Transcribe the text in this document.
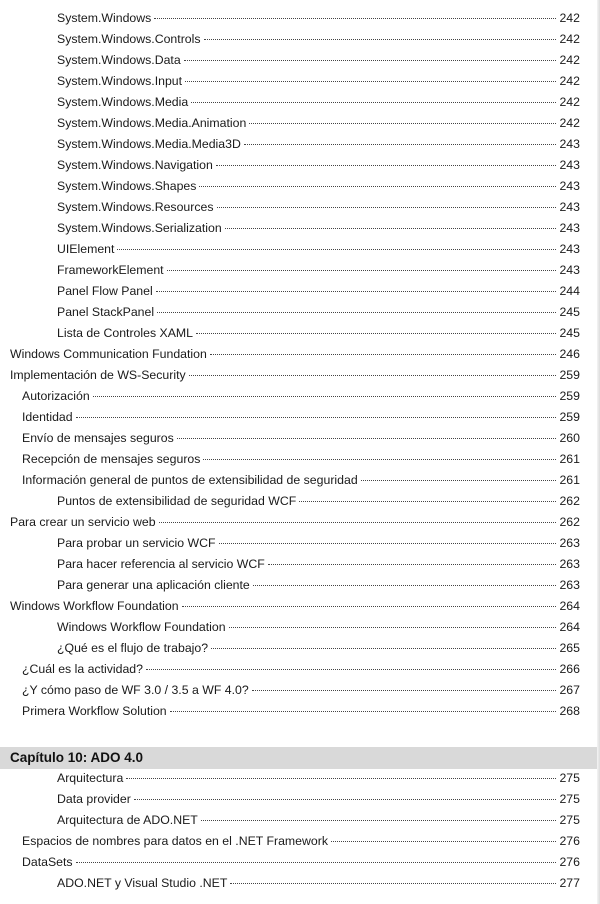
System.Windows	242
System.Windows.Controls	242
System.Windows.Data	242
System.Windows.Input	242
System.Windows.Media	242
System.Windows.Media.Animation	242
System.Windows.Media.Media3D	243
System.Windows.Navigation	243
System.Windows.Shapes	243
System.Windows.Resources	243
System.Windows.Serialization	243
UIElement	243
FrameworkElement	243
Panel Flow Panel	244
Panel StackPanel	245
Lista de Controles XAML	245
Windows Communication Fundation	246
Implementación de WS-Security	259
Autorización	259
Identidad	259
Envío de mensajes seguros	260
Recepción de mensajes seguros	261
Información general de puntos de extensibilidad de seguridad	261
Puntos de extensibilidad de seguridad WCF	262
Para crear un servicio web	262
Para probar un servicio WCF	263
Para hacer referencia al servicio WCF	263
Para generar una aplicación cliente	263
Windows Workflow Foundation	264
Windows Workflow Foundation	264
¿Qué es el flujo de trabajo?	265
¿Cuál es la actividad?	266
¿Y cómo paso de WF 3.0 / 3.5 a WF 4.0?	267
Primera Workflow Solution	268
Capítulo 10: ADO 4.0
Arquitectura	275
Data provider	275
Arquitectura de ADO.NET	275
Espacios de nombres para datos en el .NET Framework	276
DataSets	276
ADO.NET y Visual Studio .NET	277
